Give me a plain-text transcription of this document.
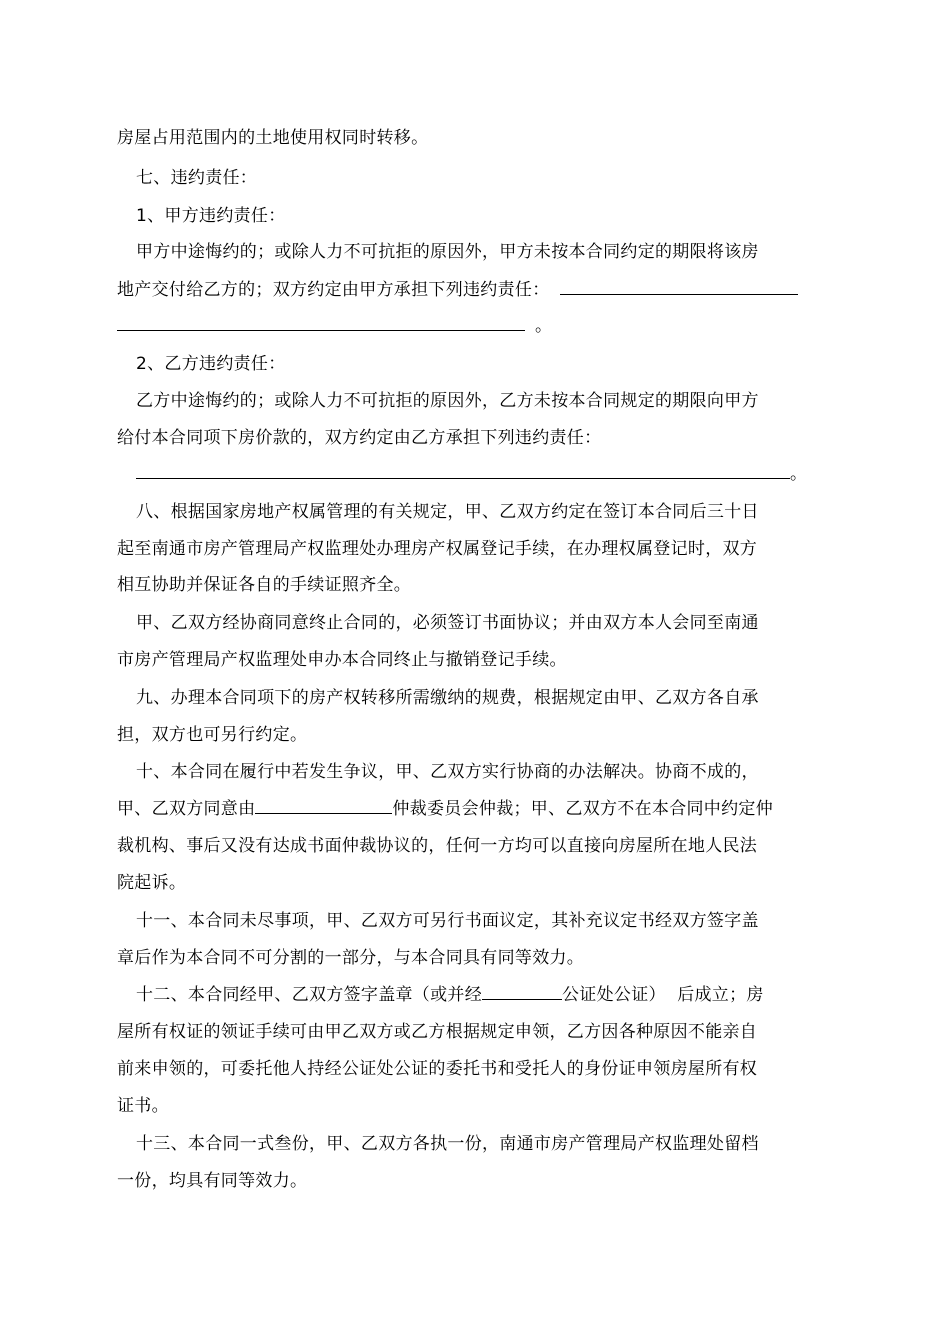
房屋占用范围内的土地使用权同时转移。
七、违约责任：
1、甲方违约责任：
甲方中途悔约的；或除人力不可抗拒的原因外，甲方未按本合同约定的期限将该房
地产交付给乙方的；双方约定由甲方承担下列违约责任：
。
2、乙方违约责任：
乙方中途悔约的；或除人力不可抗拒的原因外，乙方未按本合同规定的期限向甲方
给付本合同项下房价款的，双方约定由乙方承担下列违约责任：
。
八、根据国家房地产权属管理的有关规定，甲、乙双方约定在签订本合同后三十日
起至南通市房产管理局产权监理处办理房产权属登记手续，在办理权属登记时，双方
相互协助并保证各自的手续证照齐全。
甲、乙双方经协商同意终止合同的，必须签订书面协议；并由双方本人会同至南通
市房产管理局产权监理处申办本合同终止与撤销登记手续。
九、办理本合同项下的房产权转移所需缴纳的规费，根据规定由甲、乙双方各自承
担，双方也可另行约定。
十、本合同在履行中若发生争议，甲、乙双方实行协商的办法解决。协商不成的，
甲、乙双方同意由	仲裁委员会仲裁；甲、乙双方不在本合同中约定仲
裁机构、事后又没有达成书面仲裁协议的，任何一方均可以直接向房屋所在地人民法
院起诉。
十一、本合同未尽事项，甲、乙双方可另行书面议定，其补充议定书经双方签字盖
章后作为本合同不可分割的一部分，与本合同具有同等效力。
十二、本合同经甲、乙双方签字盖章（或并经	公证处公证）  后成立；房
屋所有权证的领证手续可由甲乙双方或乙方根据规定申领，乙方因各种原因不能亲自
前来申领的，可委托他人持经公证处公证的委托书和受托人的身份证申领房屋所有权
证书。
十三、本合同一式叁份，甲、乙双方各执一份，南通市房产管理局产权监理处留档
一份，均具有同等效力。
